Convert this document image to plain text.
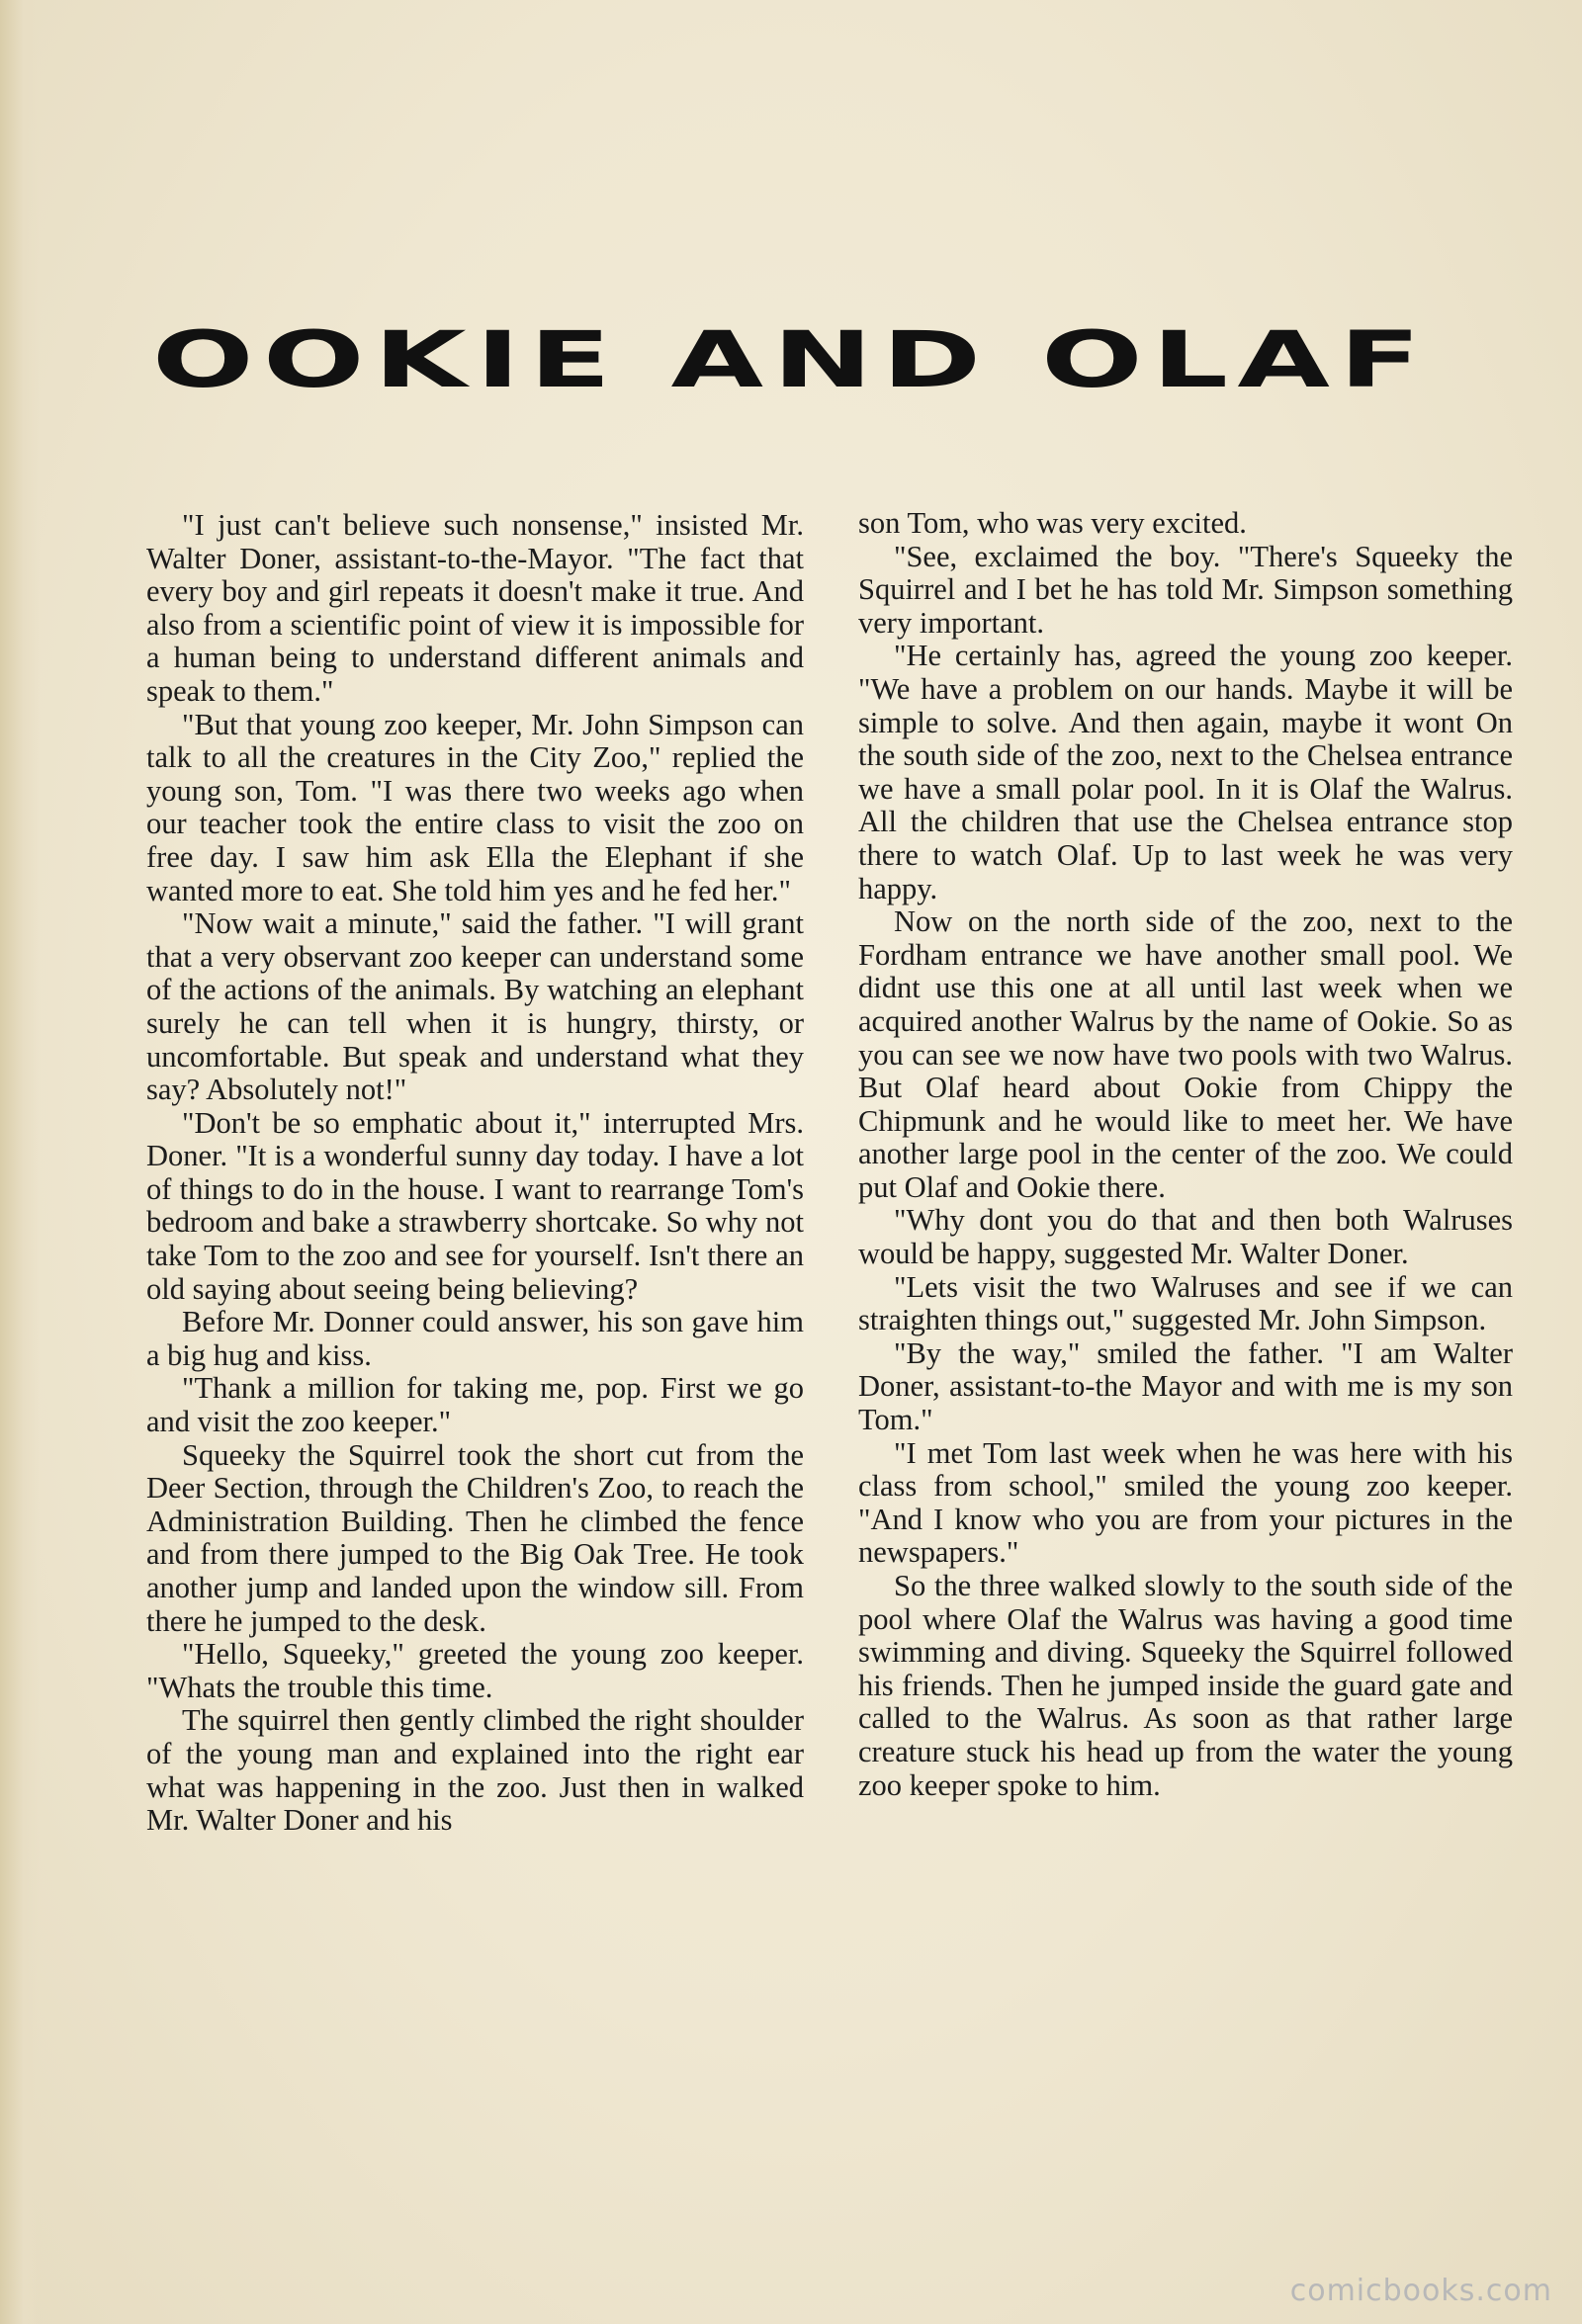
OOKIE AND OLAF

"I just can't believe such nonsense," insisted Mr. Walter Doner, assistant-to-the-Mayor. "The fact that every boy and girl repeats it doesn't make it true. And also from a scientific point of view it is impossible for a human being to understand different animals and speak to them."

"But that young zoo keeper, Mr. John Simpson can talk to all the creatures in the City Zoo," replied the young son, Tom. "I was there two weeks ago when our teacher took the entire class to visit the zoo on free day. I saw him ask Ella the Elephant if she wanted more to eat. She told him yes and he fed her."

"Now wait a minute," said the father. "I will grant that a very observant zoo keeper can understand some of the actions of the animals. By watching an elephant surely he can tell when it is hungry, thirsty, or uncomfortable. But speak and understand what they say? Absolutely not!"

"Don't be so emphatic about it," interrupted Mrs. Doner. "It is a wonderful sunny day today. I have a lot of things to do in the house. I want to rearrange Tom's bedroom and bake a strawberry shortcake. So why not take Tom to the zoo and see for yourself. Isn't there an old saying about seeing being believing?

Before Mr. Donner could answer, his son gave him a big hug and kiss.

"Thank a million for taking me, pop. First we go and visit the zoo keeper."

Squeeky the Squirrel took the short cut from the Deer Section, through the Children's Zoo, to reach the Administration Building. Then he climbed the fence and from there jumped to the Big Oak Tree. He took another jump and landed upon the window sill. From there he jumped to the desk.

"Hello, Squeeky," greeted the young zoo keeper. "Whats the trouble this time.

The squirrel then gently climbed the right shoulder of the young man and explained into the right ear what was happening in the zoo. Just then in walked Mr. Walter Doner and his

son Tom, who was very excited.

"See, exclaimed the boy. "There's Squeeky the Squirrel and I bet he has told Mr. Simpson something very important.

"He certainly has, agreed the young zoo keeper. "We have a problem on our hands. Maybe it will be simple to solve. And then again, maybe it wont On the south side of the zoo, next to the Chelsea entrance we have a small polar pool. In it is Olaf the Walrus. All the children that use the Chelsea entrance stop there to watch Olaf. Up to last week he was very happy.

Now on the north side of the zoo, next to the Fordham entrance we have another small pool. We didnt use this one at all until last week when we acquired another Walrus by the name of Ookie. So as you can see we now have two pools with two Walrus. But Olaf heard about Ookie from Chippy the Chipmunk and he would like to meet her. We have another large pool in the center of the zoo. We could put Olaf and Ookie there.

"Why dont you do that and then both Walruses would be happy, suggested Mr. Walter Doner.

"Lets visit the two Walruses and see if we can straighten things out," suggested Mr. John Simpson.

"By the way," smiled the father. "I am Walter Doner, assistant-to-the Mayor and with me is my son Tom."

"I met Tom last week when he was here with his class from school," smiled the young zoo keeper. "And I know who you are from your pictures in the newspapers."

So the three walked slowly to the south side of the pool where Olaf the Walrus was having a good time swimming and diving. Squeeky the Squirrel followed his friends. Then he jumped inside the guard gate and called to the Walrus. As soon as that rather large creature stuck his head up from the water the young zoo keeper spoke to him.

comicbooks.com
